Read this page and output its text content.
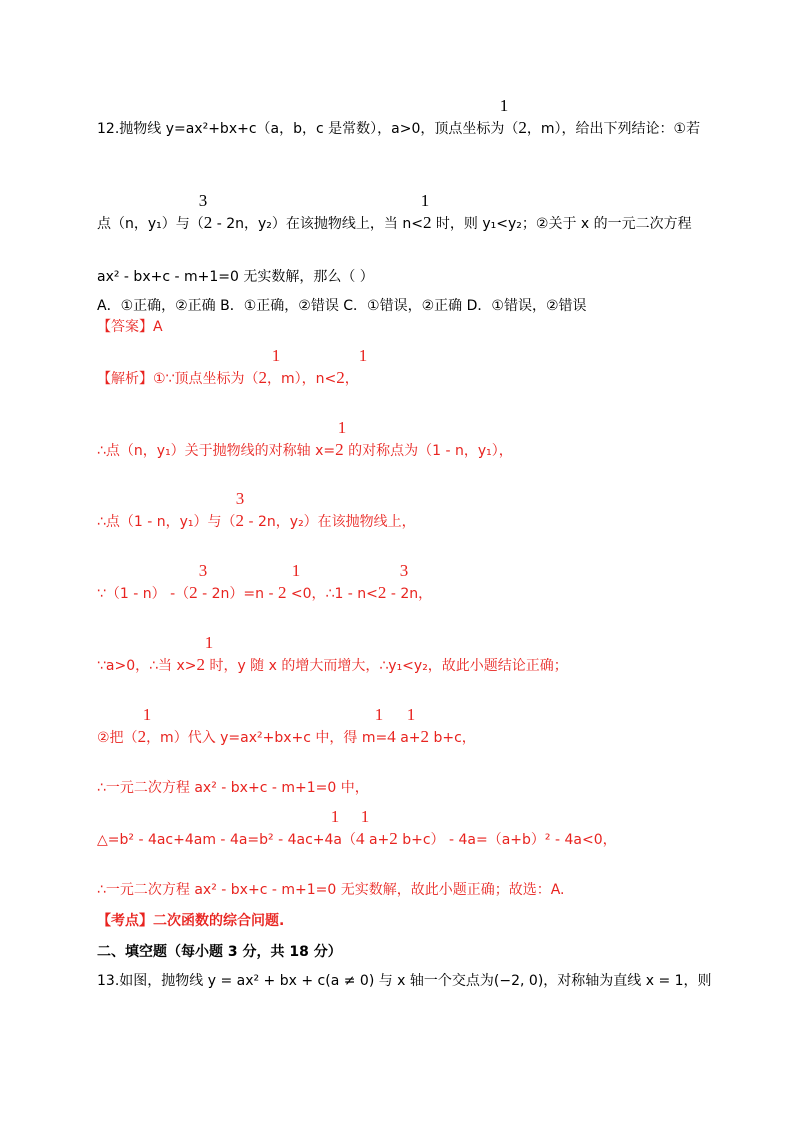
1
12.抛物线 y=ax²+bx+c（a，b，c 是常数），a>0，顶点坐标为（2，m），给出下列结论：①若
3	1
点（n，y₁）与（2 - 2n，y₂）在该抛物线上，当 n<2 时，则 y₁<y₂；②关于 x 的一元二次方程
ax² - bx+c - m+1=0 无实数解，那么（ ）
A．①正确，②正确 B．①正确，②错误 C．①错误，②正确 D．①错误，②错误
【答案】A
1	1
【解析】①∵顶点坐标为（2，m），n<2，
1
∴点（n，y₁）关于抛物线的对称轴 x=2 的对称点为（1 - n，y₁），
3
∴点（1 - n，y₁）与（2 - 2n，y₂）在该抛物线上，
3	1	3
∵（1 - n） -（2 - 2n）=n - 2 <0，∴1 - n<2 - 2n，
1
∵a>0，∴当 x>2 时，y 随 x 的增大而增大，∴y₁<y₂，故此小题结论正确；
1	1 1
②把（2，m）代入 y=ax²+bx+c 中，得 m=4 a+2 b+c，
∴一元二次方程 ax² - bx+c - m+1=0 中，
1 1
△=b² - 4ac+4am - 4a=b² - 4ac+4a（4 a+2 b+c） - 4a=（a+b）² - 4a<0，
∴一元二次方程 ax² - bx+c - m+1=0 无实数解，故此小题正确；故选：A.
【考点】二次函数的综合问题.
二、填空题（每小题 3 分，共 18 分）
13.如图，抛物线 y = ax² + bx + c(a ≠ 0) 与 x 轴一个交点为(−2, 0)，对称轴为直线 x = 1，则
